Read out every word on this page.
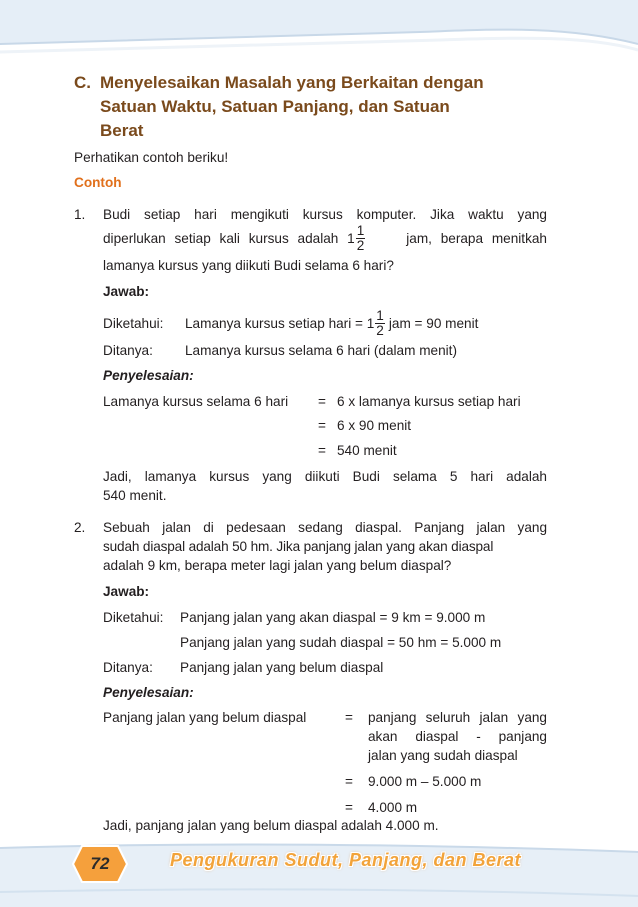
C. Menyelesaikan Masalah yang Berkaitan dengan
Satuan Waktu, Satuan Panjang, dan Satuan
Berat
Perhatikan contoh beriku!
Contoh
1. Budi setiap hari mengikuti kursus komputer. Jika waktu yang
diperlukan setiap kali kursus adalah $1 \frac{1}{2}$	jam, berapa menitkah
lamanya kursus yang diikuti Budi selama 6 hari?
Jawab:
Diketahui: Lamanya kursus setiap hari = $1 \frac{1}{2}$ jam = 90 menit
Ditanya: Lamanya kursus selama 6 hari (dalam menit)
Penyelesaian:
Lamanya kursus selama 6 hari = 6 x lamanya kursus setiap hari
= 6 x 90 menit
= 540 menit
Jadi, lamanya kursus yang diikuti Budi selama 5 hari adalah
540 menit.
2. Sebuah jalan di pedesaan sedang diaspal. Panjang jalan yang
sudah diaspal adalah 50 hm. Jika panjang jalan yang akan diaspal
adalah 9 km, berapa meter lagi jalan yang belum diaspal?
Jawab:
Diketahui: Panjang jalan yang akan diaspal = 9 km = 9.000 m
Panjang jalan yang sudah diaspal = 50 hm = 5.000 m
Ditanya: Panjang jalan yang belum diaspal
Penyelesaian:
Panjang jalan yang belum diaspal	= panjang seluruh jalan yang
akan diaspal - panjang
jalan yang sudah diaspal
= 9.000 m – 5.000 m
= 4.000 m
Jadi, panjang jalan yang belum diaspal adalah 4.000 m.
72	Pengukuran Sudut, Panjang, dan Berat
